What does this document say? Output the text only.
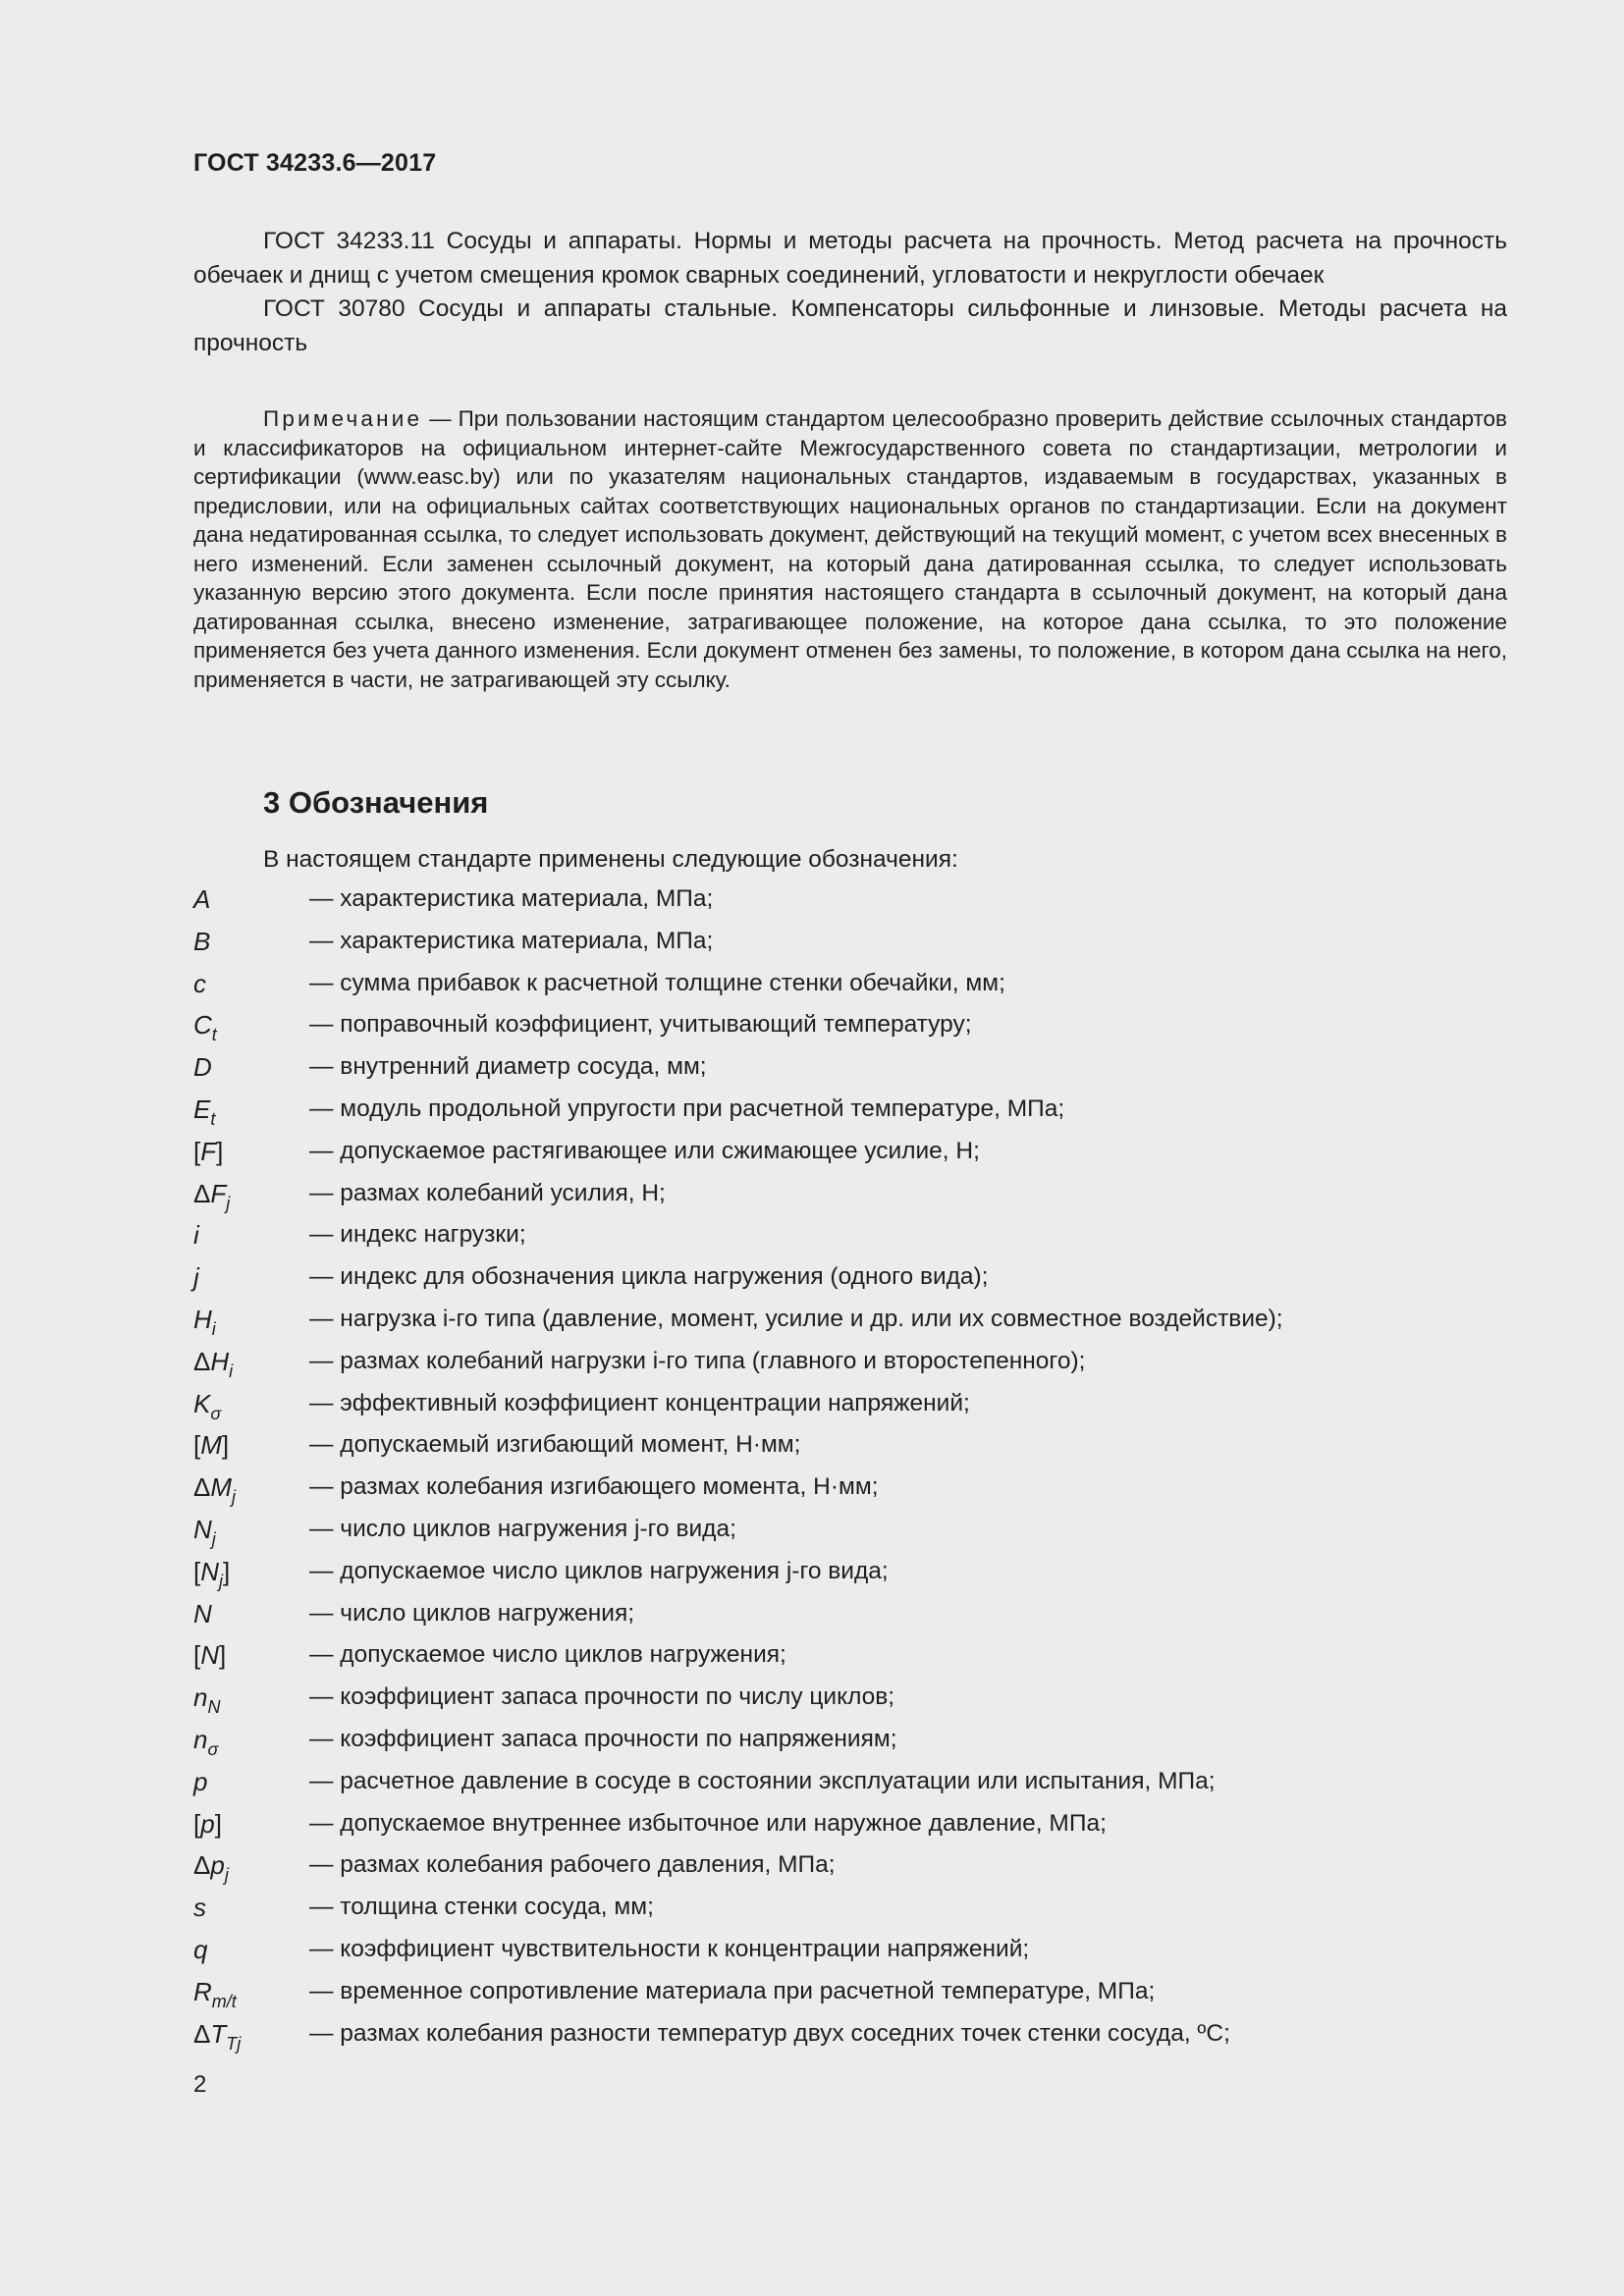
ГОСТ 34233.6—2017

ГОСТ 34233.11 Сосуды и аппараты. Нормы и методы расчета на прочность. Метод расчета на прочность обечаек и днищ с учетом смещения кромок сварных соединений, угловатости и некруглости обечаек

ГОСТ 30780 Сосуды и аппараты стальные. Компенсаторы сильфонные и линзовые. Методы расчета на прочность

Примечание — При пользовании настоящим стандартом целесообразно проверить действие ссылочных стандартов и классификаторов на официальном интернет-сайте Межгосударственного совета по стандартизации, метрологии и сертификации (www.easc.by) или по указателям национальных стандартов, издаваемым в государствах, указанных в предисловии, или на официальных сайтах соответствующих национальных органов по стандартизации. Если на документ дана недатированная ссылка, то следует использовать документ, действующий на текущий момент, с учетом всех внесенных в него изменений. Если заменен ссылочный документ, на который дана датированная ссылка, то следует использовать указанную версию этого документа. Если после принятия настоящего стандарта в ссылочный документ, на который дана датированная ссылка, внесено изменение, затрагивающее положение, на которое дана ссылка, то это положение применяется без учета данного изменения. Если документ отменен без замены, то положение, в котором дана ссылка на него, применяется в части, не затрагивающей эту ссылку.

3 Обозначения
В настоящем стандарте применены следующие обозначения:
A	— характеристика материала, МПа;
B	— характеристика материала, МПа;
c	— сумма прибавок к расчетной толщине стенки обечайки, мм;
$C_t$	— поправочный коэффициент, учитывающий температуру;
D	— внутренний диаметр сосуда, мм;
$E_t$	— модуль продольной упругости при расчетной температуре, МПа;
[F]	— допускаемое растягивающее или сжимающее усилие, Н;
$\Delta F_j$	— размах колебаний усилия, Н;
i	— индекс нагрузки;
j	— индекс для обозначения цикла нагружения (одного вида);
$H_i$	— нагрузка i-го типа (давление, момент, усилие и др. или их совместное воздействие);
$\Delta H_i$	— размах колебаний нагрузки i-го типа (главного и второстепенного);
$K_\sigma$	— эффективный коэффициент концентрации напряжений;
[M]	— допускаемый изгибающий момент, Н·мм;
$\Delta M_j$	— размах колебания изгибающего момента, Н·мм;
$N_j$	— число циклов нагружения j-го вида;
$[N_j]$	— допускаемое число циклов нагружения j-го вида;
N	— число циклов нагружения;
[N]	— допускаемое число циклов нагружения;
$n_N$	— коэффициент запаса прочности по числу циклов;
$n_\sigma$	— коэффициент запаса прочности по напряжениям;
p	— расчетное давление в сосуде в состоянии эксплуатации или испытания, МПа;
[p]	— допускаемое внутреннее избыточное или наружное давление, МПа;
$\Delta p_j$	— размах колебания рабочего давления, МПа;
s	— толщина стенки сосуда, мм;
q	— коэффициент чувствительности к концентрации напряжений;
$R_{m/t}$	— временное сопротивление материала при расчетной температуре, МПа;
$\Delta T_{Tj}$	— размах колебания разности температур двух соседних точек стенки сосуда, ºС;
2
